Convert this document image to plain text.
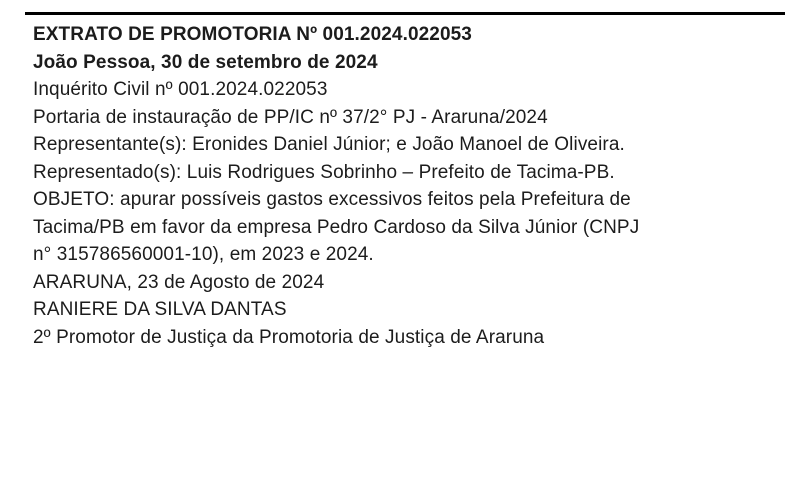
EXTRATO DE PROMOTORIA Nº 001.2024.022053
João Pessoa, 30 de setembro de 2024

Inquérito Civil nº 001.2024.022053
Portaria de instauração de PP/IC nº 37/2° PJ - Araruna/2024

Representante(s): Eronides Daniel Júnior; e João Manoel de Oliveira.
Representado(s): Luis Rodrigues Sobrinho – Prefeito de Tacima-PB.

OBJETO: apurar possíveis gastos excessivos feitos pela Prefeitura de
Tacima/PB em favor da empresa Pedro Cardoso da Silva Júnior (CNPJ
n° 315786560001-10), em 2023 e 2024.

ARARUNA, 23 de Agosto de 2024

RANIERE DA SILVA DANTAS
2º Promotor de Justiça da Promotoria de Justiça de Araruna
